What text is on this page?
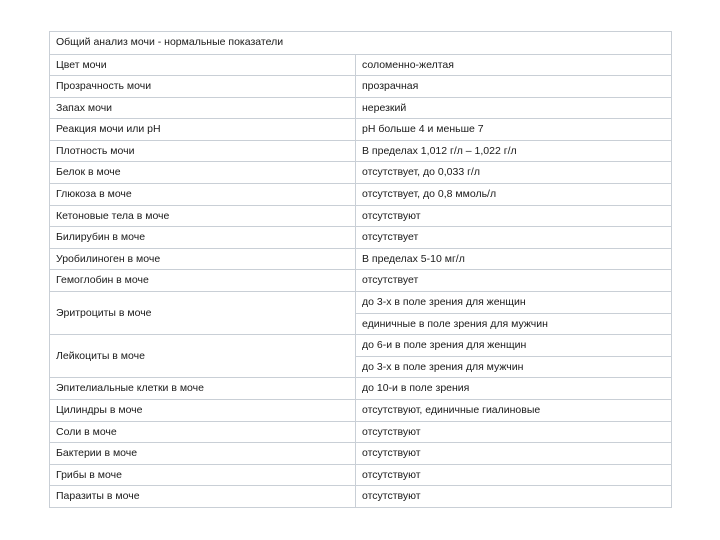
Общий анализ мочи - нормальные показатели	
Цвет мочи	соломенно-желтая
Прозрачность мочи	прозрачная
Запах мочи	нерезкий
Реакция мочи или pH	pH больше 4 и меньше 7
Плотность мочи	В пределах 1,012 г/л – 1,022 г/л
Белок в моче	отсутствует, до 0,033 г/л
Глюкоза в моче	отсутствует, до 0,8 ммоль/л
Кетоновые тела в моче	отсутствуют
Билирубин в моче	отсутствует
Уробилиноген в моче	В пределах 5-10 мг/л
Гемоглобин в моче	отсутствует
Эритроциты в моче	до 3-х в поле зрения для женщин
	единичные в поле зрения для мужчин
Лейкоциты в моче	до 6-и в поле зрения для женщин
	до 3-х в поле зрения для мужчин
Эпителиальные клетки в моче	до 10-и в поле зрения
Цилиндры в моче	отсутствуют, единичные гиалиновые
Соли в моче	отсутствуют
Бактерии в моче	отсутствуют
Грибы в моче	отсутствуют
Паразиты в моче	отсутствуют
